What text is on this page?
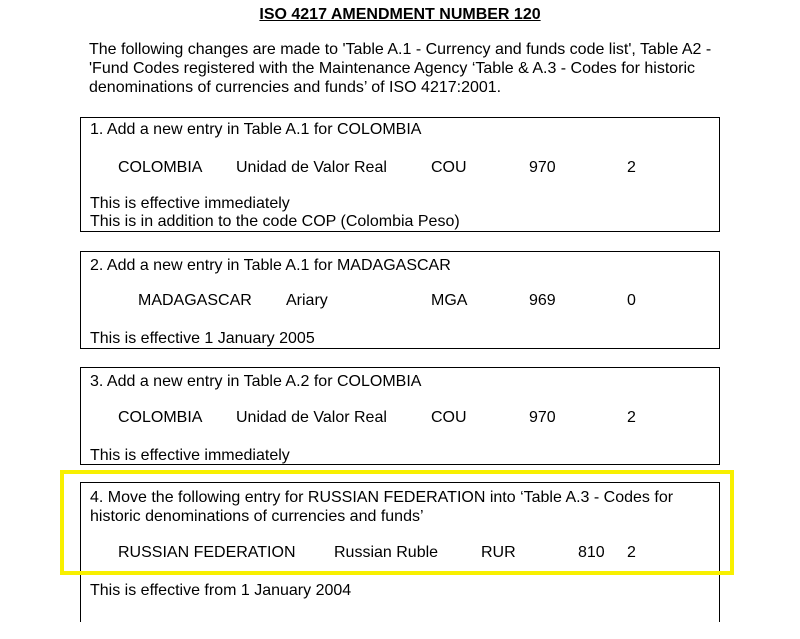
ISO 4217 AMENDMENT NUMBER 120
The following changes are made to 'Table A.1 - Currency and funds code list', Table A2 - 'Fund Codes registered with the Maintenance Agency ‘Table & A.3 - Codes for historic denominations of currencies and funds’ of ISO 4217:2001.
1. Add a new entry in Table A.1 for COLOMBIA
COLOMBIA Unidad de Valor Real	COU	970	2
This is effective immediately
This is in addition to the code COP (Colombia Peso)
2. Add a new entry in Table A.1 for MADAGASCAR
MADAGASCAR Ariary	MGA	969	0
This is effective 1 January 2005
3. Add a new entry in Table A.2 for COLOMBIA
COLOMBIA Unidad de Valor Real	COU	970	2
This is effective immediately
4. Move the following entry for RUSSIAN FEDERATION into ‘Table A.3 - Codes for
historic denominations of currencies and funds’
RUSSIAN FEDERATION Russian Ruble	RUR	810 2
This is effective from 1 January 2004
